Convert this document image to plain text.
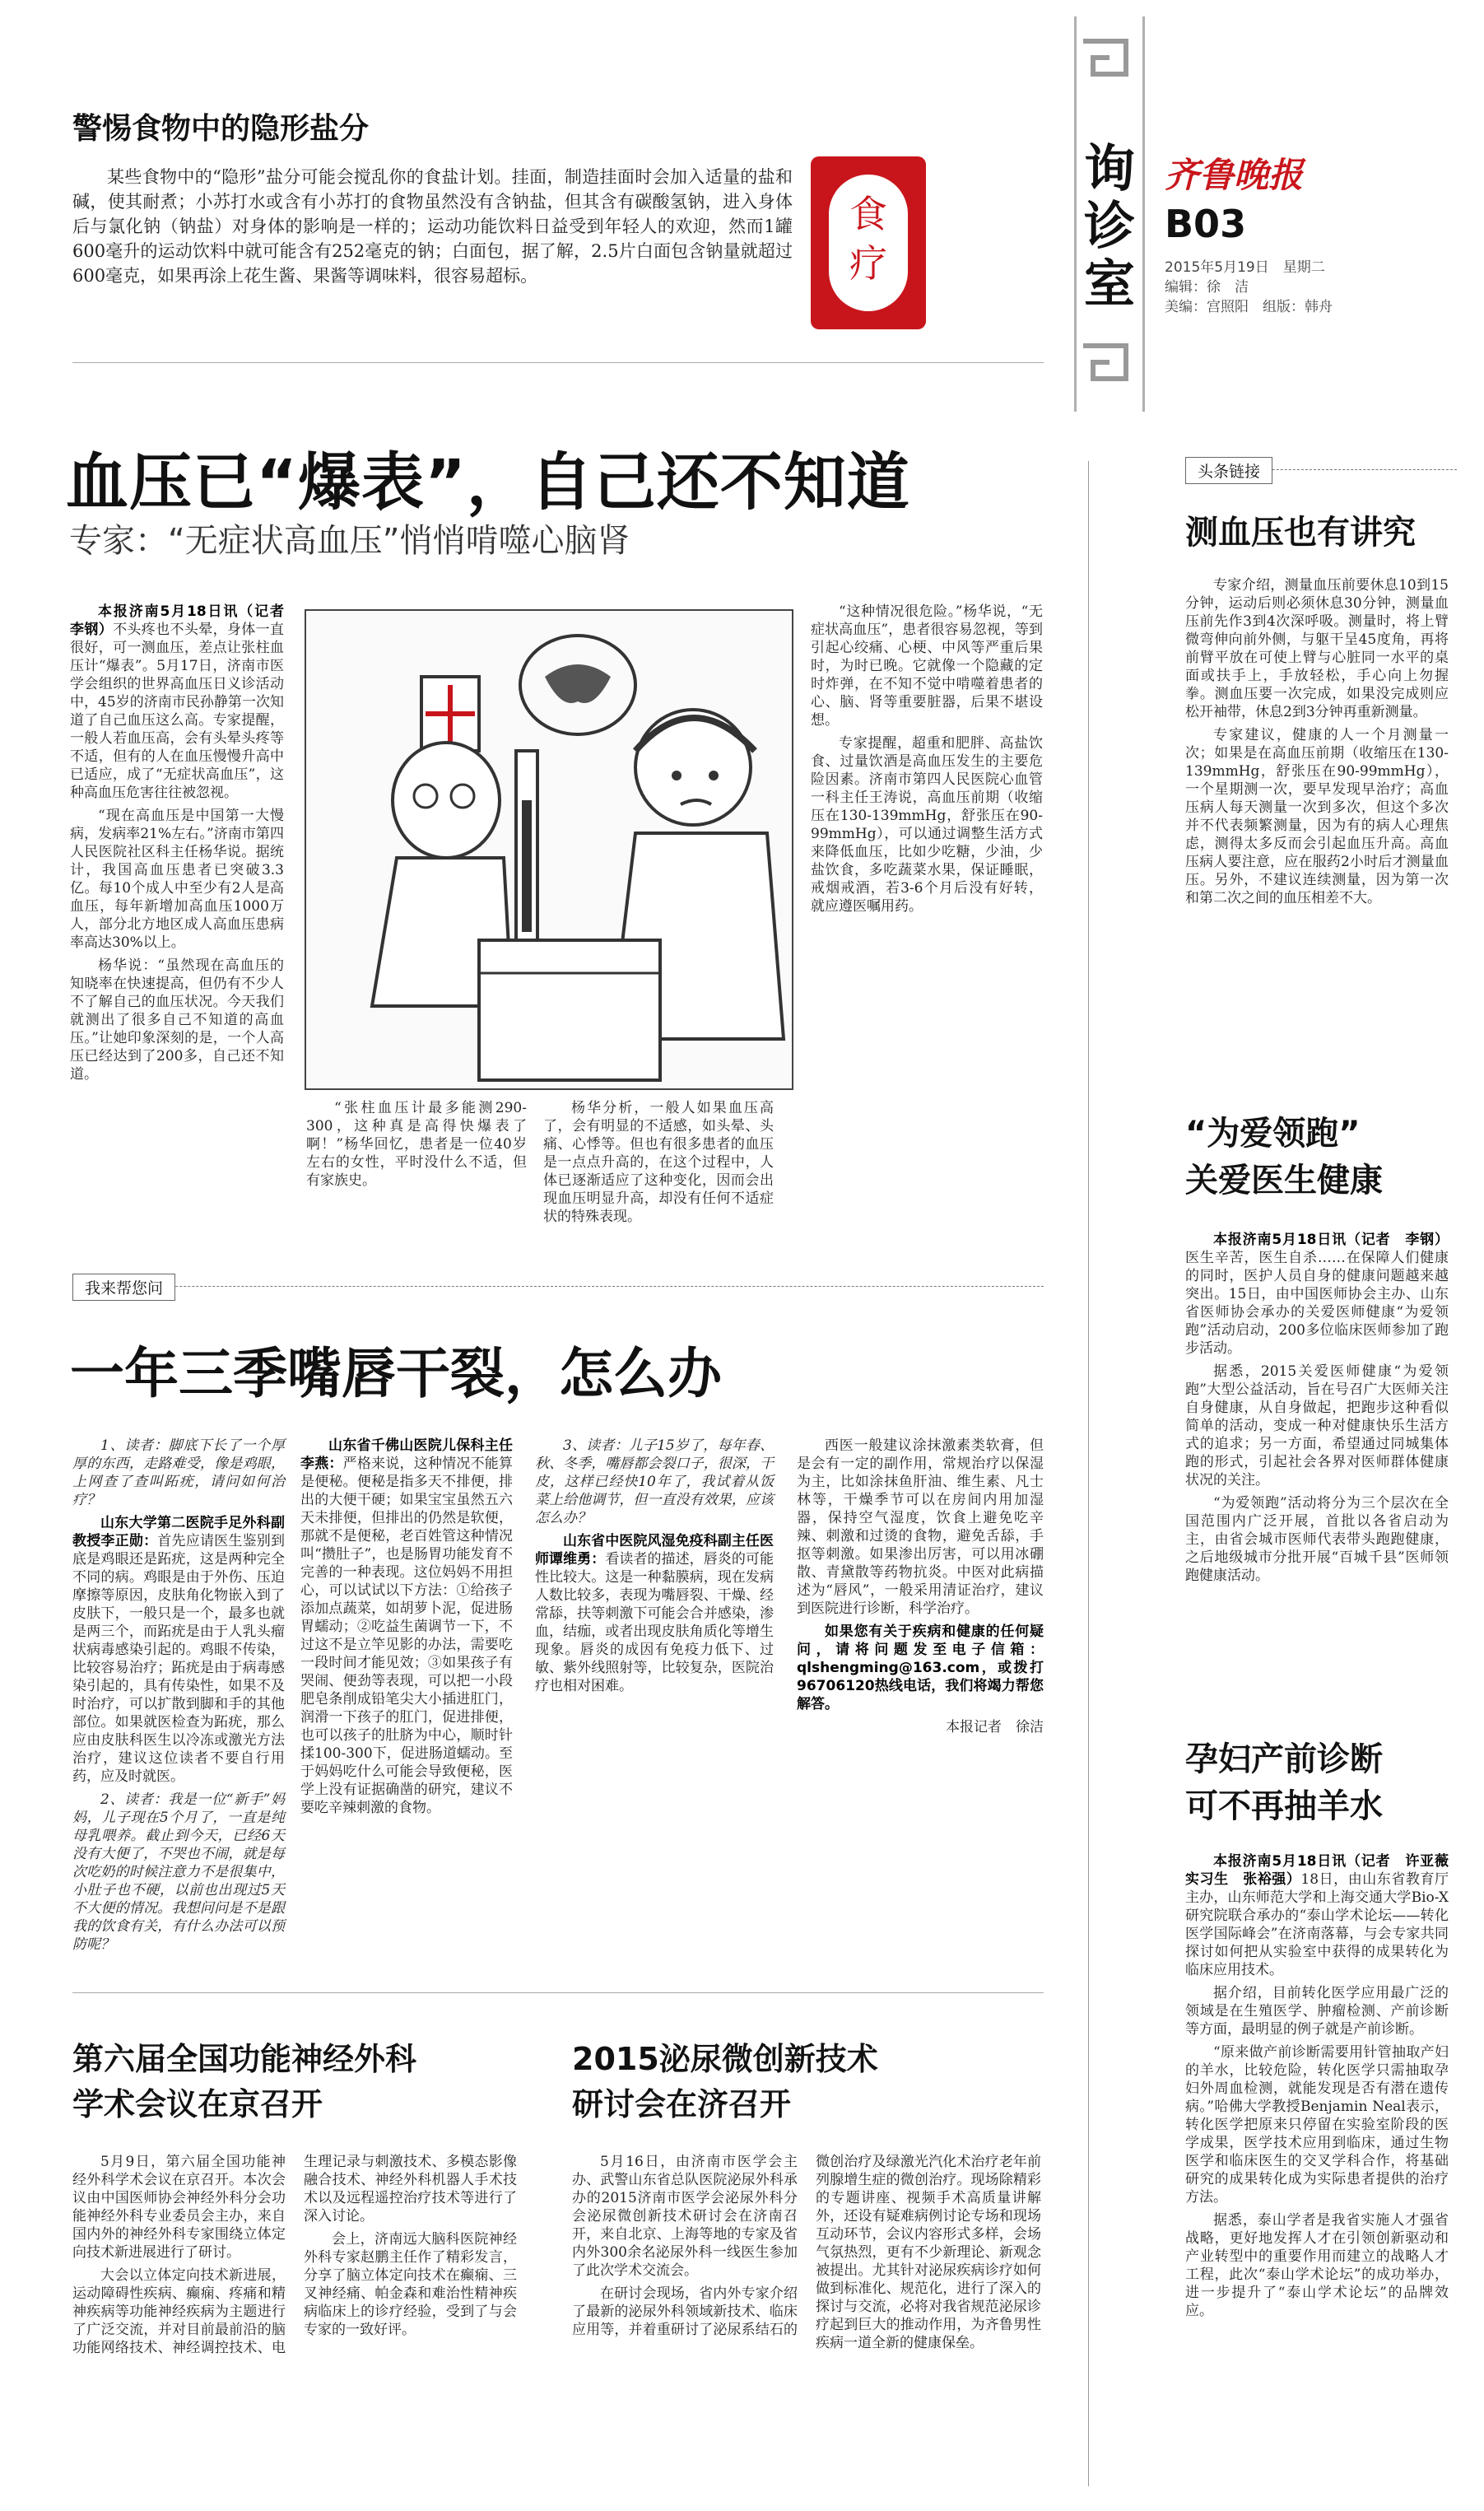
询诊室
齐鲁晚报
B03
2015年5月19日　星期二
编辑：徐　洁
美编：宫照阳　组版：韩舟
警惕食物中的隐形盐分

某些食物中的“隐形”盐分可能会搅乱你的食盐计划。挂面，制造挂面时会加入适量的盐和碱，使其耐煮；小苏打水或含有小苏打的食物虽然没有含钠盐，但其含有碳酸氢钠，进入身体后与氯化钠（钠盐）对身体的影响是一样的；运动功能饮料日益受到年轻人的欢迎，然而1罐600毫升的运动饮料中就可能含有252毫克的钠；白面包，据了解，2.5片白面包含钠量就超过600毫克，如果再涂上花生酱、果酱等调味料，很容易超标。

食疗
血压已“爆表”，自己还不知道
专家：“无症状高血压”悄悄啃噬心脑肾

本报济南5月18日讯（记者　李钢）不头疼也不头晕，身体一直很好，可一测血压，差点让张柱血压计“爆表”。5月17日，济南市医学会组织的世界高血压日义诊活动中，45岁的济南市民孙静第一次知道了自己血压这么高。专家提醒，一般人若血压高，会有头晕头疼等不适，但有的人在血压慢慢升高中已适应，成了“无症状高血压”，这种高血压危害往往被忽视。

“现在高血压是中国第一大慢病，发病率21%左右。”济南市第四人民医院社区科主任杨华说。据统计，我国高血压患者已突破3.3亿。每10个成人中至少有2人是高血压，每年新增加高血压1000万人，部分北方地区成人高血压患病率高达30%以上。

杨华说：“虽然现在高血压的知晓率在快速提高，但仍有不少人不了解自己的血压状况。今天我们就测出了很多自己不知道的高血压。”让她印象深刻的是，一个人高压已经达到了200多，自己还不知道。

“张柱血压计最多能测290-300，这种真是高得快爆表了啊！”杨华回忆，患者是一位40岁左右的女性，平时没什么不适，但有家族史。

杨华分析，一般人如果血压高了，会有明显的不适感，如头晕、头痛、心悸等。但也有很多患者的血压是一点点升高的，在这个过程中，人体已逐渐适应了这种变化，因而会出现血压明显升高，却没有任何不适症状的特殊表现。

“这种情况很危险。”杨华说，“无症状高血压”，患者很容易忽视，等到引起心绞痛、心梗、中风等严重后果时，为时已晚。它就像一个隐藏的定时炸弹，在不知不觉中啃噬着患者的心、脑、肾等重要脏器，后果不堪设想。

专家提醒，超重和肥胖、高盐饮食、过量饮酒是高血压发生的主要危险因素。济南市第四人民医院心血管一科主任王涛说，高血压前期（收缩压在130-139mmHg，舒张压在90-99mmHg），可以通过调整生活方式来降低血压，比如少吃糖，少油，少盐饮食，多吃蔬菜水果，保证睡眠，戒烟戒酒，若3-6个月后没有好转，就应遵医嘱用药。

头条链接
测血压也有讲究

专家介绍，测量血压前要休息10到15分钟，运动后则必须休息30分钟，测量血压前先作3到4次深呼吸。测量时，将上臂微弯伸向前外侧，与躯干呈45度角，再将前臂平放在可使上臂与心脏同一水平的桌面或扶手上，手放轻松，手心向上勿握拳。测血压要一次完成，如果没完成则应松开袖带，休息2到3分钟再重新测量。

专家建议，健康的人一个月测量一次；如果是在高血压前期（收缩压在130-139mmHg，舒张压在90-99mmHg），一个星期测一次，要早发现早治疗；高血压病人每天测量一次到多次，但这个多次并不代表频繁测量，因为有的病人心理焦虑，测得太多反而会引起血压升高。高血压病人要注意，应在服药2小时后才测量血压。另外，不建议连续测量，因为第一次和第二次之间的血压相差不大。

“为爱领跑”
关爱医生健康

本报济南5月18日讯（记者　李钢）医生辛苦，医生自杀……在保障人们健康的同时，医护人员自身的健康问题越来越突出。15日，由中国医师协会主办、山东省医师协会承办的关爱医师健康“为爱领跑”活动启动，200多位临床医师参加了跑步活动。

据悉，2015关爱医师健康“为爱领跑”大型公益活动，旨在号召广大医师关注自身健康，从自身做起，把跑步这种看似简单的活动，变成一种对健康快乐生活方式的追求；另一方面，希望通过同城集体跑的形式，引起社会各界对医师群体健康状况的关注。

“为爱领跑”活动将分为三个层次在全国范围内广泛开展，首批以各省启动为主，由省会城市医师代表带头跑跑健康，之后地级城市分批开展“百城千县”医师领跑健康活动。

孕妇产前诊断
可不再抽羊水

本报济南5月18日讯（记者　许亚薇　实习生　张裕强）18日，由山东省教育厅主办，山东师范大学和上海交通大学Bio-X研究院联合承办的“泰山学术论坛——转化医学国际峰会”在济南落幕，与会专家共同探讨如何把从实验室中获得的成果转化为临床应用技术。

据介绍，目前转化医学应用最广泛的领域是在生殖医学、肿瘤检测、产前诊断等方面，最明显的例子就是产前诊断。

“原来做产前诊断需要用针管抽取产妇的羊水，比较危险，转化医学只需抽取孕妇外周血检测，就能发现是否有潜在遗传病。”哈佛大学教授Benjamin Neal表示，转化医学把原来只停留在实验室阶段的医学成果，医学技术应用到临床，通过生物医学和临床医生的交叉学科合作，将基础研究的成果转化成为实际患者提供的治疗方法。

据悉，泰山学者是我省实施人才强省战略，更好地发挥人才在引领创新驱动和产业转型中的重要作用而建立的战略人才工程，此次“泰山学术论坛”的成功举办，进一步提升了“泰山学术论坛”的品牌效应。

我来帮您问
一年三季嘴唇干裂，怎么办

1、读者：脚底下长了一个厚厚的东西，走路难受，像是鸡眼，上网查了查叫跖疣，请问如何治疗？

山东大学第二医院手足外科副教授李正勋：首先应请医生鉴别到底是鸡眼还是跖疣，这是两种完全不同的病。鸡眼是由于外伤、压迫摩擦等原因，皮肤角化物嵌入到了皮肤下，一般只是一个，最多也就是两三个，而跖疣是由于人乳头瘤状病毒感染引起的。鸡眼不传染，比较容易治疗；跖疣是由于病毒感染引起的，具有传染性，如果不及时治疗，可以扩散到脚和手的其他部位。如果就医检查为跖疣，那么应由皮肤科医生以冷冻或激光方法治疗，建议这位读者不要自行用药，应及时就医。

2、读者：我是一位“新手”妈妈，儿子现在5个月了，一直是纯母乳喂养。截止到今天，已经6天没有大便了，不哭也不闹，就是每次吃奶的时候注意力不是很集中，小肚子也不硬，以前也出现过5天不大便的情况。我想问问是不是跟我的饮食有关，有什么办法可以预防呢？

山东省千佛山医院儿保科主任李燕：严格来说，这种情况不能算是便秘。便秘是指多天不排便，排出的大便干硬；如果宝宝虽然五六天未排便，但排出的仍然是软便，那就不是便秘，老百姓管这种情况叫“攒肚子”，也是肠胃功能发育不完善的一种表现。这位妈妈不用担心，可以试试以下方法：①给孩子添加点蔬菜，如胡萝卜泥，促进肠胃蠕动；②吃益生菌调节一下，不过这不是立竿见影的办法，需要吃一段时间才能见效；③如果孩子有哭闹、便劲等表现，可以把一小段肥皂条削成铅笔尖大小插进肛门，润滑一下孩子的肛门，促进排便，也可以孩子的肚脐为中心，顺时针揉100-300下，促进肠道蠕动。至于妈妈吃什么可能会导致便秘，医学上没有证据确凿的研究，建议不要吃辛辣刺激的食物。

3、读者：儿子15岁了，每年春、秋、冬季，嘴唇都会裂口子，很深，干皮，这样已经快10年了，我试着从饭菜上给他调节，但一直没有效果，应该怎么办？

山东省中医院风湿免疫科副主任医师谭维勇：看读者的描述，唇炎的可能性比较大。这是一种黏膜病，现在发病人数比较多，表现为嘴唇裂、干燥、经常舔，扶等刺激下可能会合并感染，渗血，结痂，或者出现皮肤角质化等增生现象。唇炎的成因有免疫力低下、过敏、紫外线照射等，比较复杂，医院治疗也相对困难。

西医一般建议涂抹激素类软膏，但是会有一定的副作用，常规治疗以保湿为主，比如涂抹鱼肝油、维生素、凡士林等，干燥季节可以在房间内用加湿器，保持空气湿度，饮食上避免吃辛辣、刺激和过烫的食物，避免舌舔，手抠等刺激。如果渗出厉害，可以用冰硼散、青黛散等药物抗炎。中医对此病描述为“唇风”，一般采用清证治疗，建议到医院进行诊断，科学治疗。

如果您有关于疾病和健康的任何疑问，请将问题发至电子信箱：qlshengming@163.com，或拨打96706120热线电话，我们将竭力帮您解答。

本报记者　徐洁

第六届全国功能神经外科
学术会议在京召开

5月9日，第六届全国功能神经外科学术会议在京召开。本次会议由中国医师协会神经外科分会功能神经外科专业委员会主办，来自国内外的神经外科专家围绕立体定向技术新进展进行了研讨。

大会以立体定向技术新进展，运动障碍性疾病、癫痫、疼痛和精神疾病等功能神经疾病为主题进行了广泛交流，并对目前最前沿的脑功能网络技术、神经调控技术、电生理记录与刺激技术、多模态影像融合技术、神经外科机器人手术技术以及远程遥控治疗技术等进行了深入讨论。

会上，济南远大脑科医院神经外科专家赵鹏主任作了精彩发言，分享了脑立体定向技术在癫痫、三叉神经痛、帕金森和难治性精神疾病临床上的诊疗经验，受到了与会专家的一致好评。

2015泌尿微创新技术
研讨会在济召开

5月16日，由济南市医学会主办、武警山东省总队医院泌尿外科承办的2015济南市医学会泌尿外科分会泌尿微创新技术研讨会在济南召开，来自北京、上海等地的专家及省内外300余名泌尿外科一线医生参加了此次学术交流会。

在研讨会现场，省内外专家介绍了最新的泌尿外科领域新技术、临床应用等，并着重研讨了泌尿系结石的微创治疗及绿激光汽化术治疗老年前列腺增生症的微创治疗。现场除精彩的专题讲座、视频手术高质量讲解外，还设有疑难病例讨论专场和现场互动环节，会议内容形式多样，会场气氛热烈，更有不少新理论、新观念被提出。尤其针对泌尿疾病诊疗如何做到标准化、规范化，进行了深入的探讨与交流，必将对我省规范泌尿诊疗起到巨大的推动作用，为齐鲁男性疾病一道全新的健康保垒。
